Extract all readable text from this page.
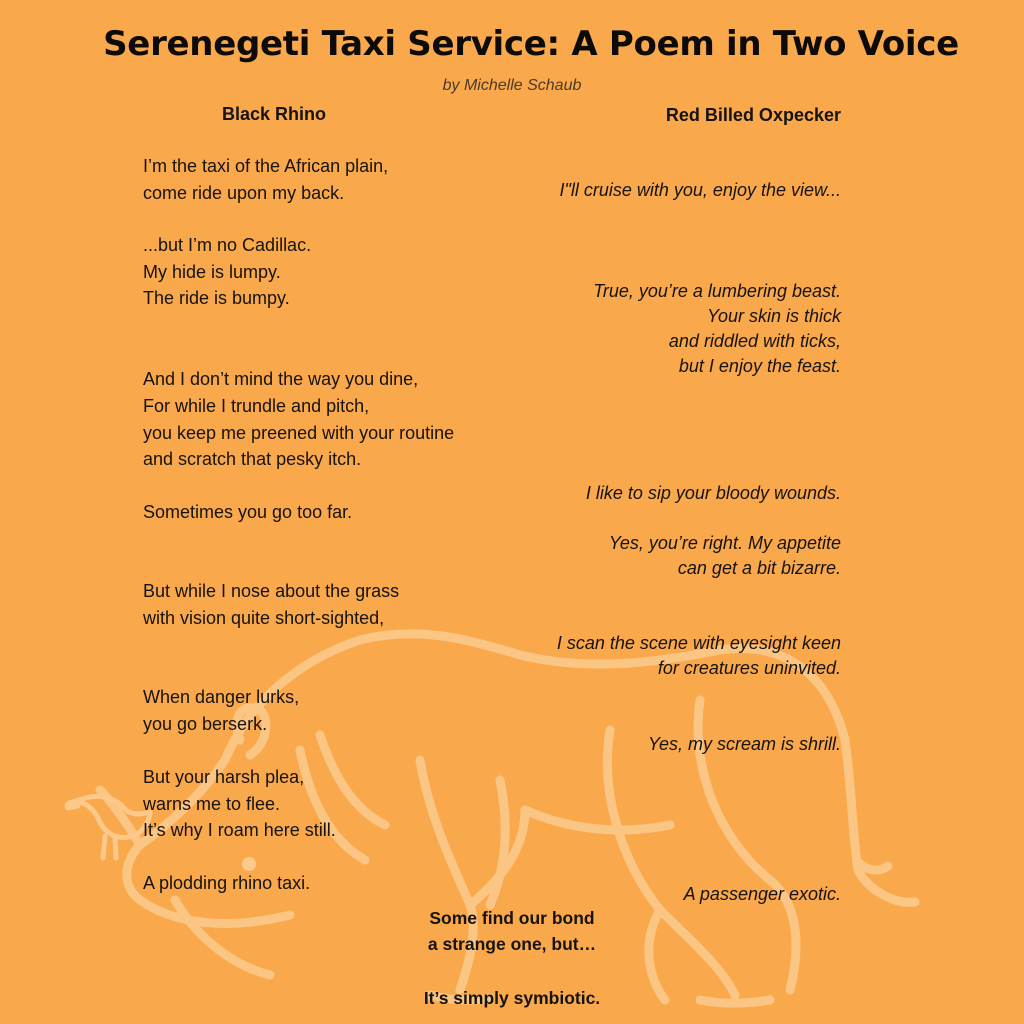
Serenegeti Taxi Service: A Poem in Two Voice
by Michelle Schaub
Black Rhino	Red Billed Oxpecker
I’m the taxi of the African plain,
come ride upon my back.
...but I’m no Cadillac.
My hide is lumpy.
The ride is bumpy.
And I don’t mind the way you dine,
For while I trundle and pitch,
you keep me preened with your routine
and scratch that pesky itch.
Sometimes you go too far.
But while I nose about the grass
with vision quite short-sighted,
When danger lurks,
you go berserk.
But your harsh plea,
warns me to flee.
It’s why I roam here still.
A plodding rhino taxi.
I"ll cruise with you, enjoy the view...
True, you’re a lumbering beast.
Your skin is thick
and riddled with ticks,
but I enjoy the feast.
I like to sip your bloody wounds.
Yes, you’re right. My appetite
can get a bit bizarre.
I scan the scene with eyesight keen
for creatures uninvited.
Yes, my scream is shrill.
A passenger exotic.
Some find our bond
a strange one, but…
It’s simply symbiotic.
